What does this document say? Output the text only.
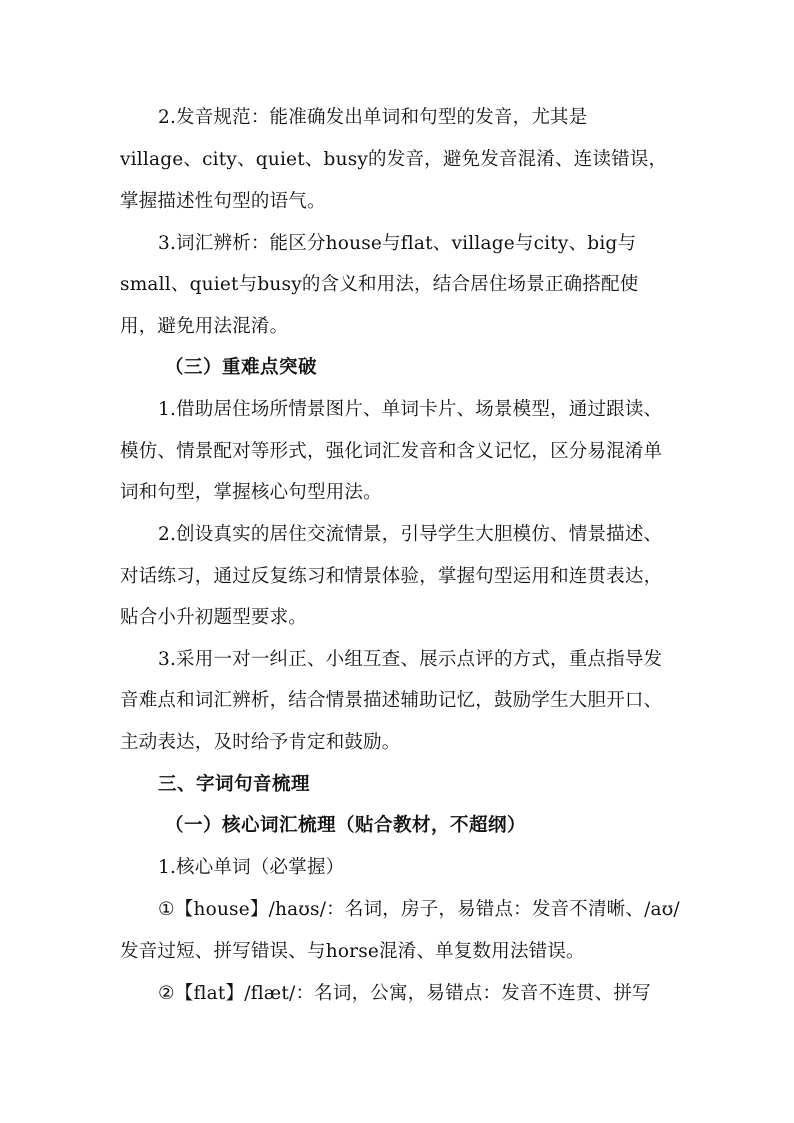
2.发音规范：能准确发出单词和句型的发音，尤其是
village、city、quiet、busy的发音，避免发音混淆、连读错误，
掌握描述性句型的语气。
3.词汇辨析：能区分house与flat、village与city、big与
small、quiet与busy的含义和用法，结合居住场景正确搭配使
用，避免用法混淆。
（三）重难点突破
1.借助居住场所情景图片、单词卡片、场景模型，通过跟读、
模仿、情景配对等形式，强化词汇发音和含义记忆，区分易混淆单
词和句型，掌握核心句型用法。
2.创设真实的居住交流情景，引导学生大胆模仿、情景描述、
对话练习，通过反复练习和情景体验，掌握句型运用和连贯表达，
贴合小升初题型要求。
3.采用一对一纠正、小组互查、展示点评的方式，重点指导发
音难点和词汇辨析，结合情景描述辅助记忆，鼓励学生大胆开口、
主动表达，及时给予肯定和鼓励。
三、字词句音梳理
（一）核心词汇梳理（贴合教材，不超纲）
1.核心单词（必掌握）
①【house】/haʊs/：名词，房子，易错点：发音不清晰、/aʊ/
发音过短、拼写错误、与horse混淆、单复数用法错误。
②【flat】/flæt/：名词，公寓，易错点：发音不连贯、拼写
